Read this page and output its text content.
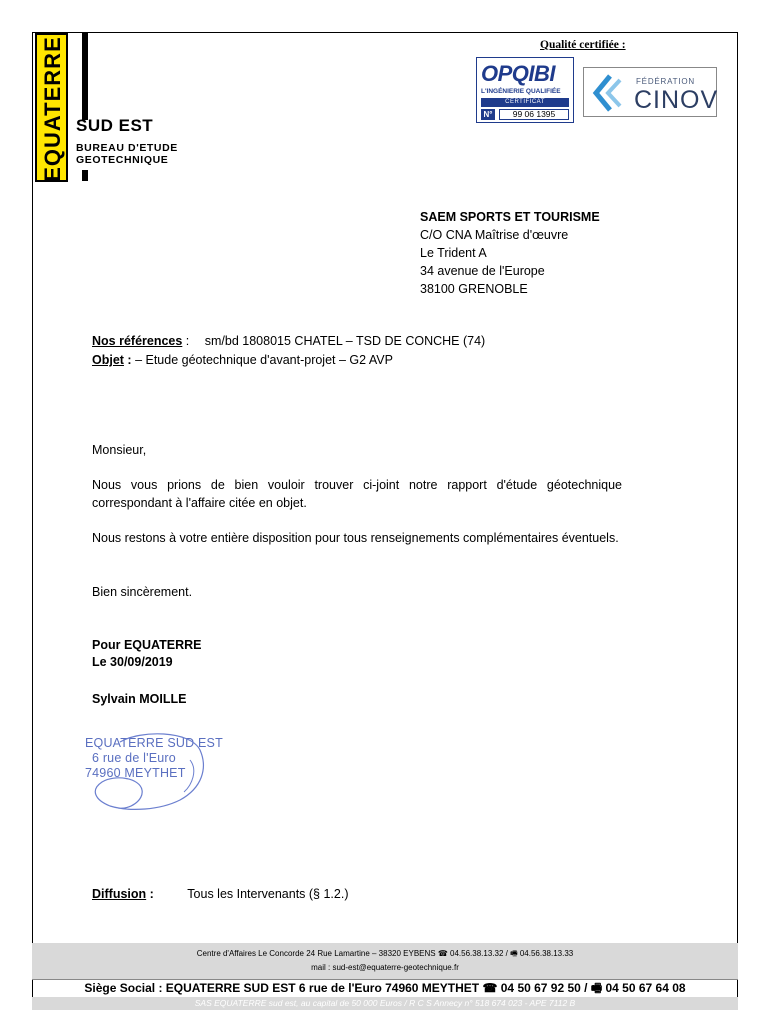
EQUATERRE SUD EST
BUREAU D'ETUDE
GEOTECHNIQUE
Qualité certifiée :
OPQIBI
L'INGÉNIERIE QUALIFIÉE
CERTIFICAT
N°	99 06 1395
FÉDÉRATION
CINOV
SAEM SPORTS ET TOURISME
C/O CNA Maîtrise d'œuvre
Le Trident A
34 avenue de l'Europe
38100 GRENOBLE
Nos références : sm/bd 1808015 CHATEL – TSD DE CONCHE (74)
Objet : – Etude géotechnique d'avant-projet – G2 AVP
Monsieur,
Nous vous prions de bien vouloir trouver ci-joint notre rapport d'étude géotechnique correspondant à l'affaire citée en objet.
Nous restons à votre entière disposition pour tous renseignements complémentaires éventuels.
Bien sincèrement.
Pour EQUATERRE
Le 30/09/2019
Sylvain MOILLE
EQUATERRE SUD EST
6 rue de l'Euro
74960 MEYTHET
Diffusion :	Tous les Intervenants (§ 1.2.)
Centre d'Affaires Le Concorde 24 Rue Lamartine – 38320 EYBENS ☎ 04.56.38.13.32 / 🖷 04.56.38.13.33
mail : sud-est@equaterre-geotechnique.fr
Siège Social : EQUATERRE SUD EST 6 rue de l'Euro 74960 MEYTHET ☎ 04 50 67 92 50 / 🖷 04 50 67 64 08
SAS EQUATERRE sud est, au capital de 50 000 Euros / R C S Annecy n° 518 674 023 - APE 7112 B
